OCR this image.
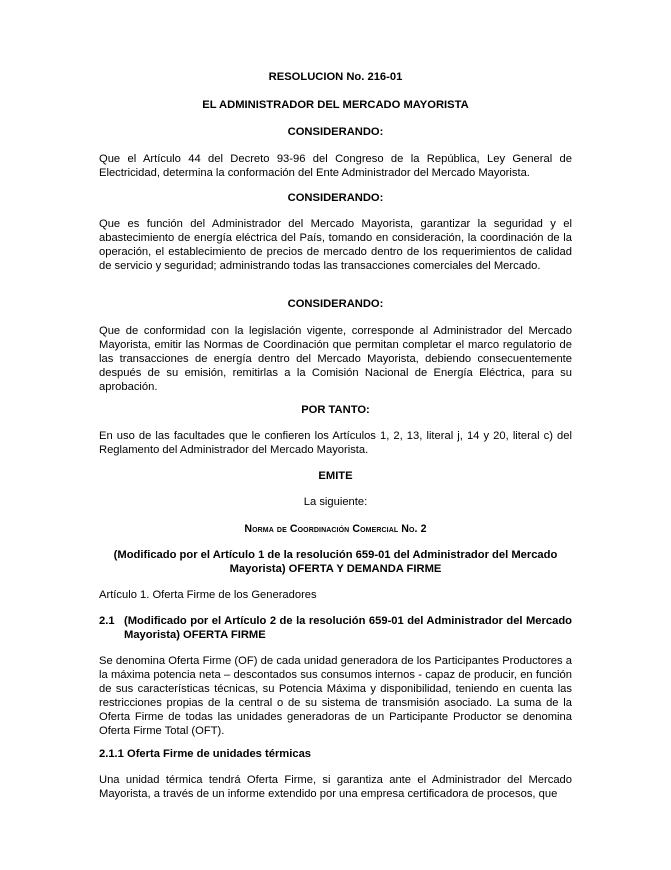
RESOLUCION No. 216-01

EL ADMINISTRADOR DEL MERCADO MAYORISTA

CONSIDERANDO:

Que el Artículo 44 del Decreto 93-96 del Congreso de la República, Ley General de Electricidad, determina la conformación del Ente Administrador del Mercado Mayorista.

CONSIDERANDO:

Que es función del Administrador del Mercado Mayorista, garantizar la seguridad y el abastecimiento de energía eléctrica del País, tomando en consideración, la coordinación de la operación, el establecimiento de precios de mercado dentro de los requerimientos de calidad de servicio y seguridad; administrando todas las transacciones comerciales del Mercado.

CONSIDERANDO:

Que de conformidad con la legislación vigente, corresponde al Administrador del Mercado Mayorista, emitir las Normas de Coordinación que permitan completar el marco regulatorio de las transacciones de energía dentro del Mercado Mayorista, debiendo consecuentemente después de su emisión, remitirlas a la Comisión Nacional de Energía Eléctrica, para su aprobación.

POR TANTO:

En uso de las facultades que le confieren los Artículos 1, 2, 13, literal j, 14 y 20, literal c) del Reglamento del Administrador del Mercado Mayorista.

EMITE

La siguiente:

Norma de Coordinación Comercial No. 2

(Modificado por el Artículo 1 de la resolución 659-01 del Administrador del Mercado Mayorista) OFERTA Y DEMANDA FIRME

Artículo 1. Oferta Firme de los Generadores

2.1 (Modificado por el Artículo 2 de la resolución 659-01 del Administrador del Mercado Mayorista) OFERTA FIRME

Se denomina Oferta Firme (OF) de cada unidad generadora de los Participantes Productores a la máxima potencia neta – descontados sus consumos internos - capaz de producir, en función de sus características técnicas, su Potencia Máxima y disponibilidad, teniendo en cuenta las restricciones propias de la central o de su sistema de transmisión asociado. La suma de la Oferta Firme de todas las unidades generadoras de un Participante Productor se denomina Oferta Firme Total (OFT).

2.1.1 Oferta Firme de unidades térmicas

Una unidad térmica tendrá Oferta Firme, si garantiza ante el Administrador del Mercado Mayorista, a través de un informe extendido por una empresa certificadora de procesos, que
